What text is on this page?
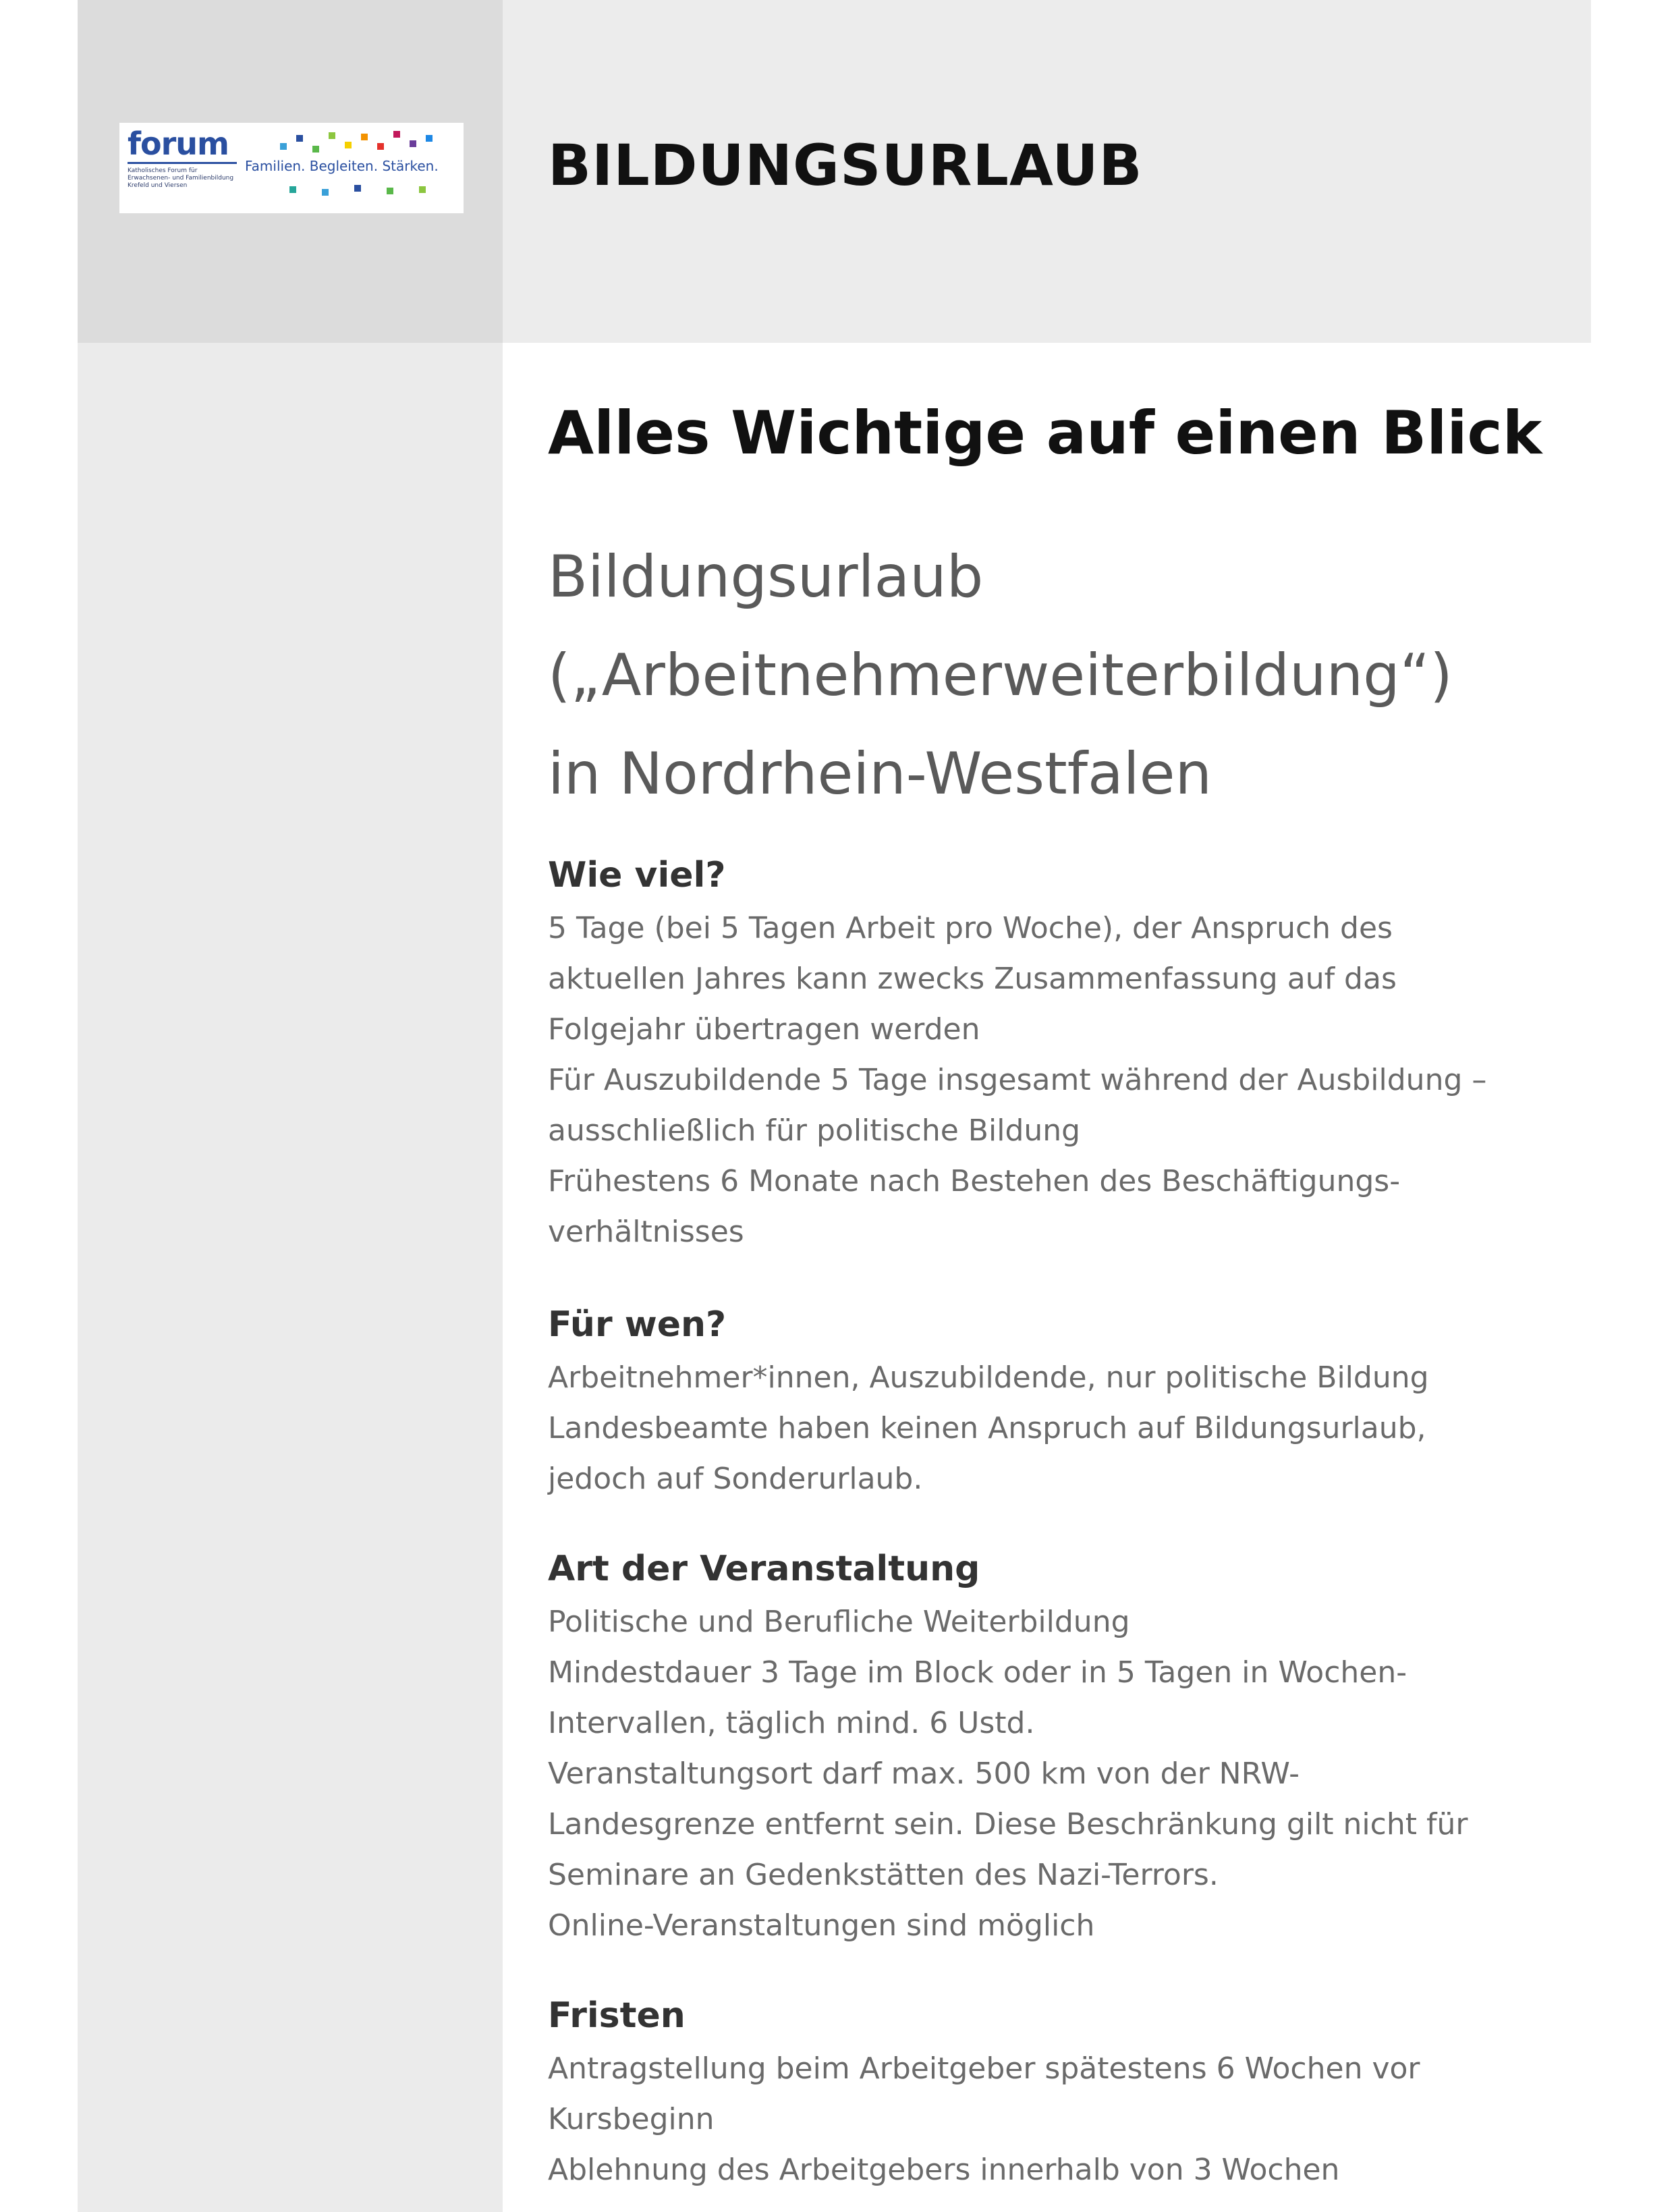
forum
Katholisches Forum für
Erwachsenen- und Familienbildung
Krefeld und Viersen
Familien. Begleiten. Stärken. BILDUNGSURLAUB
Alles Wichtige auf einen Blick
Bildungsurlaub
(„Arbeitnehmerweiterbildung“)
in Nordrhein-Westfalen
Wie viel?

5 Tage (bei 5 Tagen Arbeit pro Woche), der Anspruch des

aktuellen Jahres kann zwecks Zusammenfassung auf das

Folgejahr übertragen werden

Für Auszubildende 5 Tage insgesamt während der Ausbildung –

ausschließlich für politische Bildung

Frühestens 6 Monate nach Bestehen des Beschäftigungs-

verhältnisses

Für wen?

Arbeitnehmer*innen, Auszubildende, nur politische Bildung

Landesbeamte haben keinen Anspruch auf Bildungsurlaub,

jedoch auf Sonderurlaub.

Art der Veranstaltung

Politische und Berufliche Weiterbildung

Mindestdauer 3 Tage im Block oder in 5 Tagen in Wochen-

Intervallen, täglich mind. 6 Ustd.

Veranstaltungsort darf max. 500 km von der NRW-

Landesgrenze entfernt sein. Diese Beschränkung gilt nicht für

Seminare an Gedenkstätten des Nazi-Terrors.

Online-Veranstaltungen sind möglich

Fristen

Antragstellung beim Arbeitgeber spätestens 6 Wochen vor

Kursbeginn

Ablehnung des Arbeitgebers innerhalb von 3 Wochen
